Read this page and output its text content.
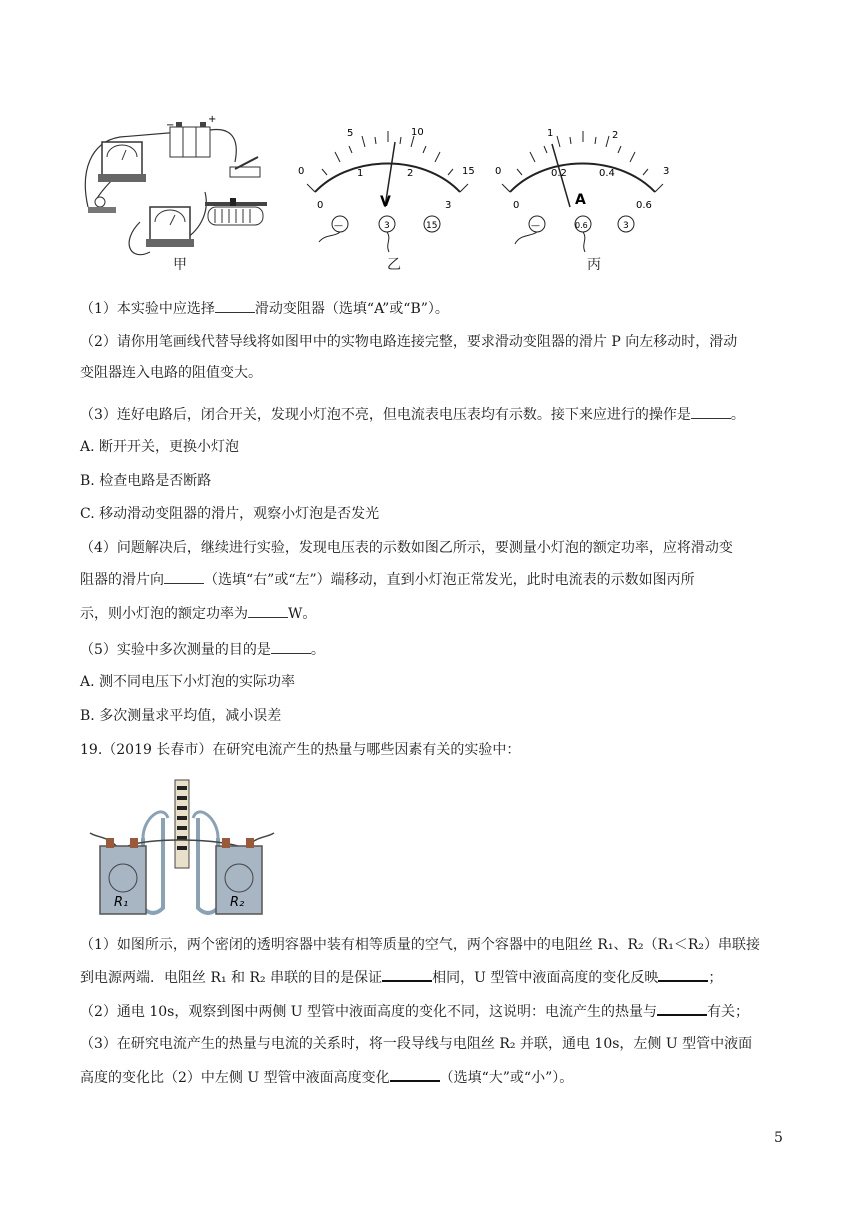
−
+
甲
0
5	10
15
0
1	2
3
V
—	3	15
乙
0
1	2
3
0
0.2	0.4
0.6
A
—	0.6	3
丙
（1）本实验中应选择	滑动变阻器（选填“A”或“B”）。
（2）请你用笔画线代替导线将如图甲中的实物电路连接完整，要求滑动变阻器的滑片 P 向左移动时，滑动
变阻器连入电路的阻值变大。
（3）连好电路后，闭合开关，发现小灯泡不亮，但电流表电压表均有示数。接下来应进行的操作是	。
A. 断开开关，更换小灯泡
B. 检查电路是否断路
C. 移动滑动变阻器的滑片，观察小灯泡是否发光
（4）问题解决后，继续进行实验，发现电压表的示数如图乙所示，要测量小灯泡的额定功率，应将滑动变
阻器的滑片向	（选填“右”或“左”）端移动，直到小灯泡正常发光，此时电流表的示数如图丙所
示，则小灯泡的额定功率为	W。
（5）实验中多次测量的目的是	。
A. 测不同电压下小灯泡的实际功率
B. 多次测量求平均值，减小误差
19.（2019 长春市）在研究电流产生的热量与哪些因素有关的实验中：
R₁	R₂
（1）如图所示，两个密闭的透明容器中装有相等质量的空气，两个容器中的电阻丝 R₁、R₂（R₁＜R₂）串联接
到电源两端．电阻丝 R₁ 和 R₂ 串联的目的是保证	相同，U 型管中液面高度的变化反映	；
（2）通电 10s，观察到图中两侧 U 型管中液面高度的变化不同，这说明：电流产生的热量与	有关；
（3）在研究电流产生的热量与电流的关系时，将一段导线与电阻丝 R₂ 并联，通电 10s，左侧 U 型管中液面
高度的变化比（2）中左侧 U 型管中液面高度变化	（选填“大”或“小”）。
5
